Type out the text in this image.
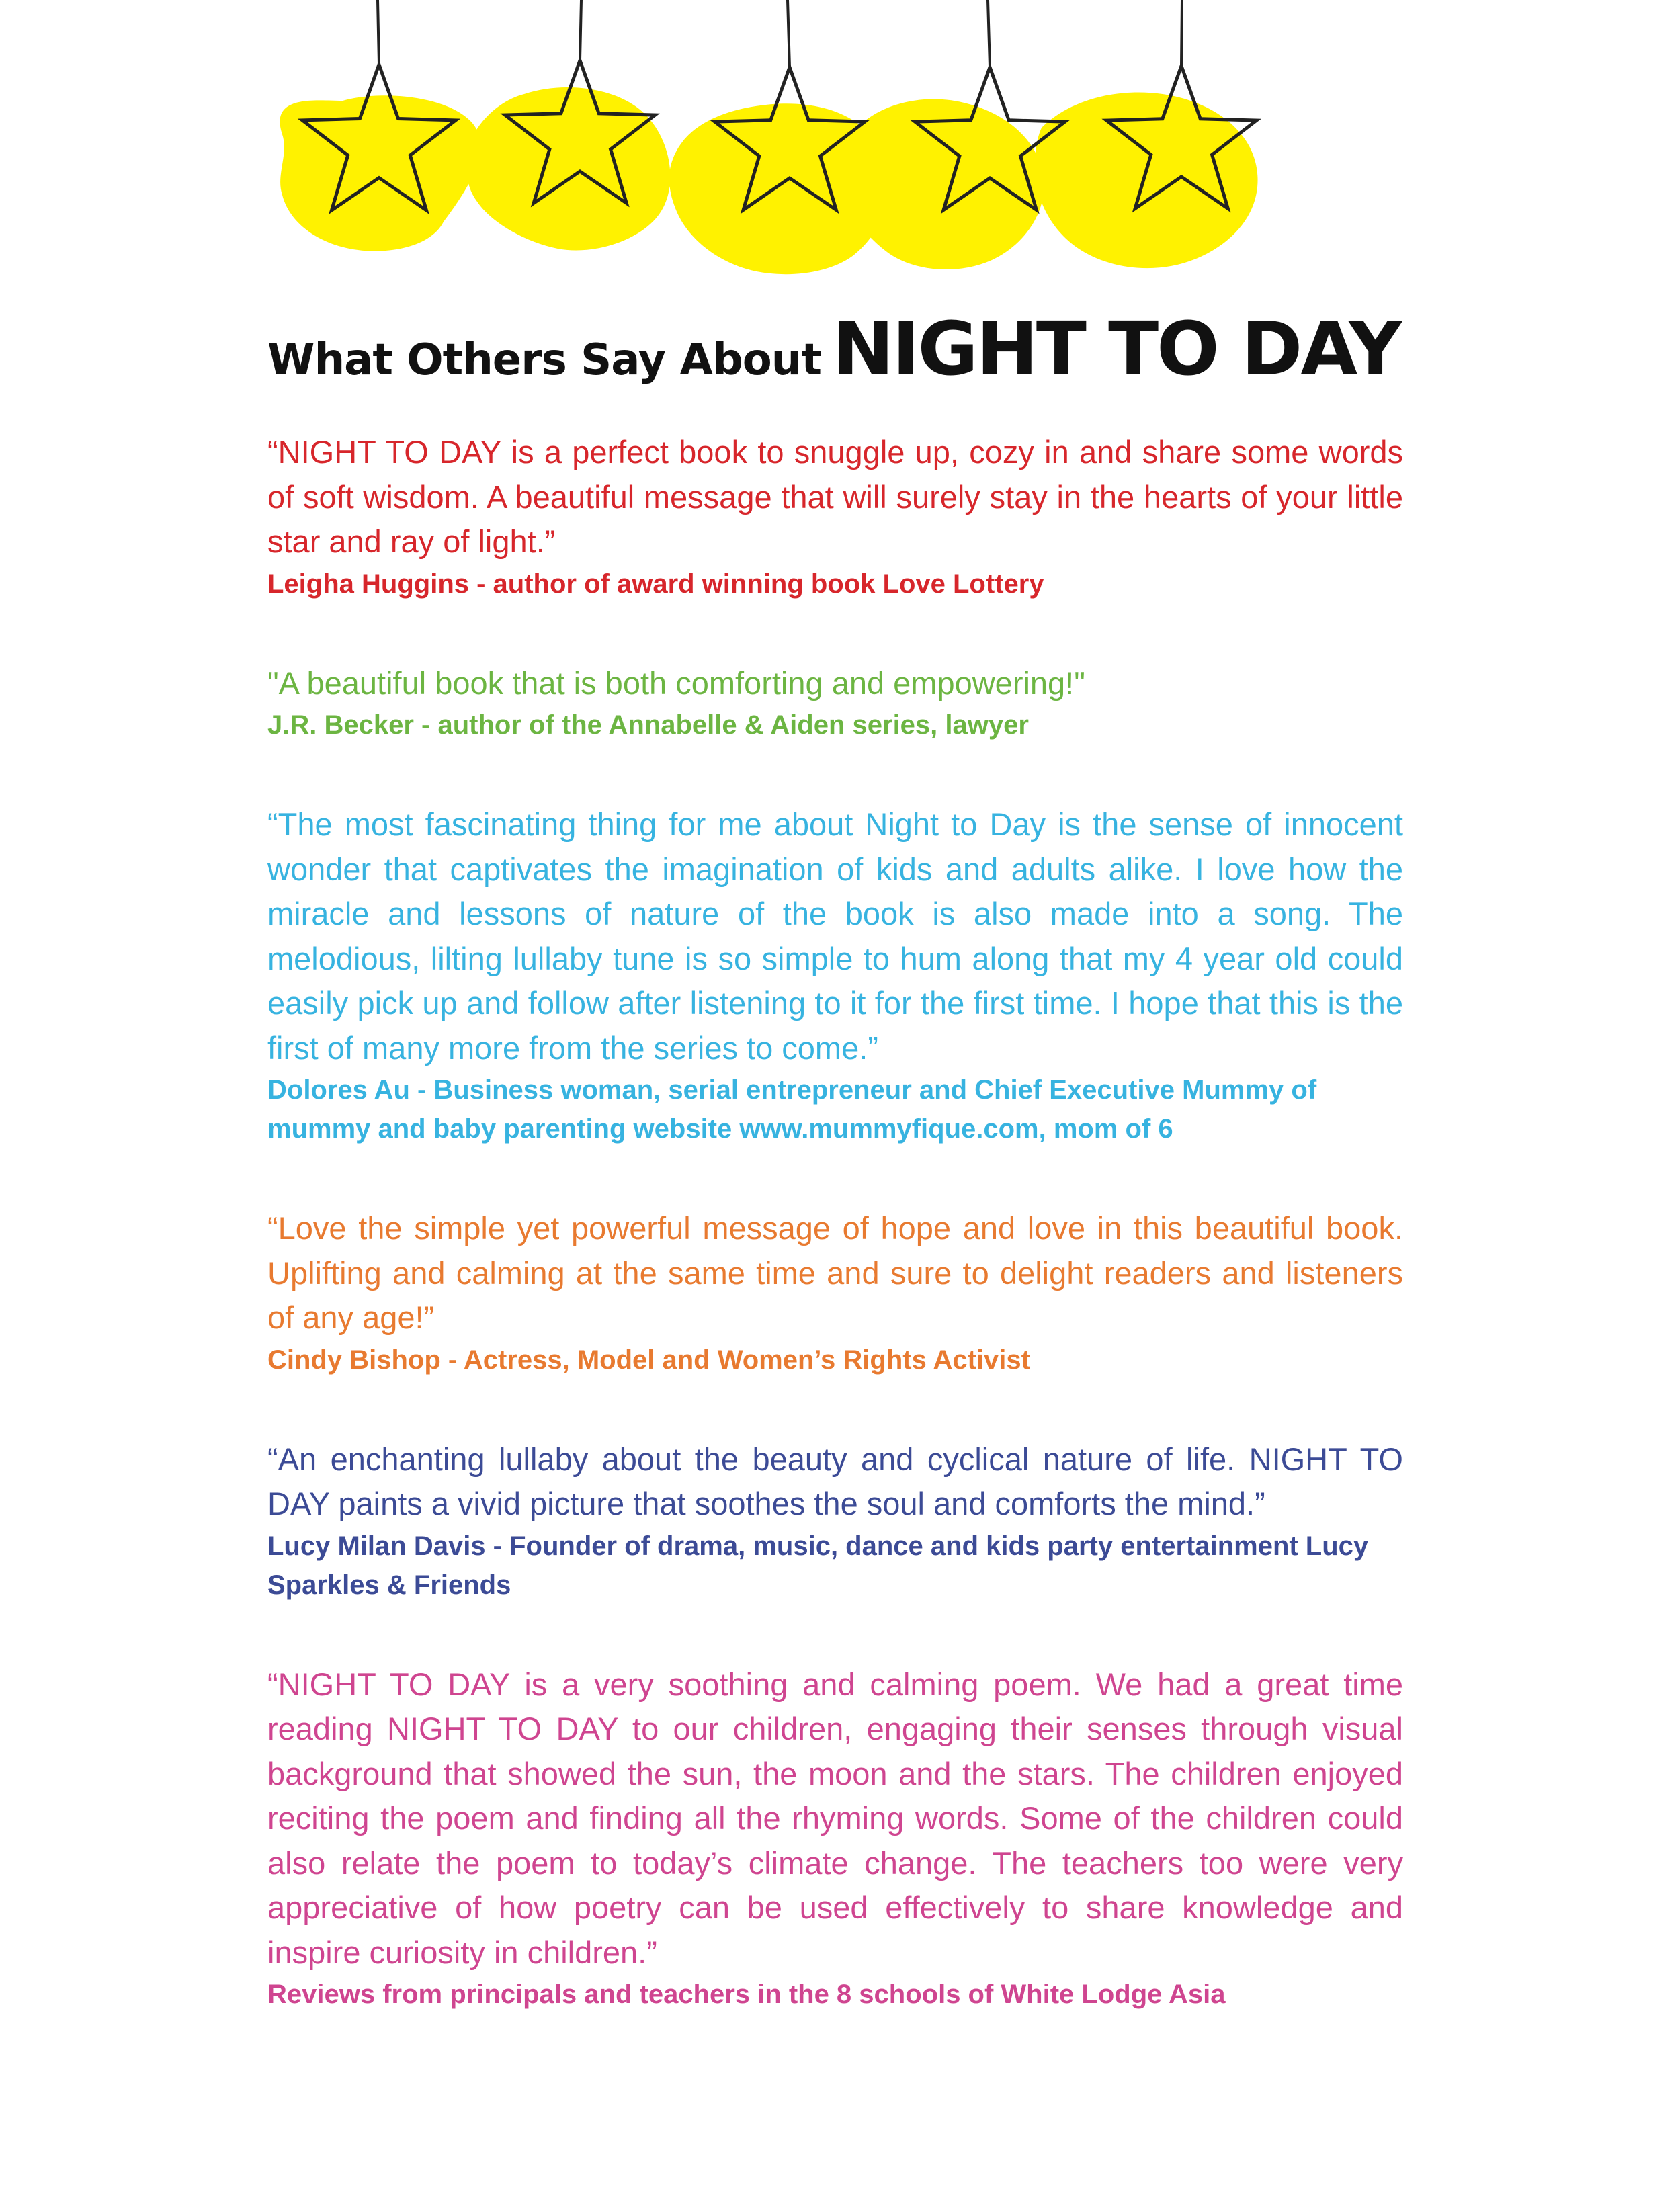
What Others Say About NIGHT TO DAY

“NIGHT TO DAY is a perfect book to snuggle up, cozy in and share some words of soft wisdom. A beautiful message that will surely stay in the hearts of your little star and ray of light.”

Leigha Huggins - author of award winning book Love Lottery

"A beautiful book that is both comforting and empowering!"

J.R. Becker - author of the Annabelle & Aiden series, lawyer

“The most fascinating thing for me about Night to Day is the sense of innocent wonder that captivates the imagination of kids and adults alike. I love how the miracle and lessons of nature of the book is also made into a song. The melodious, lilting lullaby tune is so simple to hum along that my 4 year old could easily pick up and follow after listening to it for the first time. I hope that this is the first of many more from the series to come.”

Dolores Au - Business woman, serial entrepreneur and Chief Executive Mummy of mummy and baby parenting website www.mummyfique.com, mom of 6

“Love the simple yet powerful message of hope and love in this beautiful book. Uplifting and calming at the same time and sure to delight readers and listeners of any age!”

Cindy Bishop - Actress, Model and Women’s Rights Activist

“An enchanting lullaby about the beauty and cyclical nature of life. NIGHT TO DAY paints a vivid picture that soothes the soul and comforts the mind.”

Lucy Milan Davis - Founder of drama, music, dance and kids party entertainment Lucy Sparkles & Friends

“NIGHT TO DAY is a very soothing and calming poem. We had a great time reading NIGHT TO DAY to our children, engaging their senses through visual background that showed the sun, the moon and the stars. The children enjoyed reciting the poem and finding all the rhyming words. Some of the children could also relate the poem to today’s climate change. The teachers too were very appreciative of how poetry can be used effectively to share knowledge and inspire curiosity in children.”

Reviews from principals and teachers in the 8 schools of White Lodge Asia
